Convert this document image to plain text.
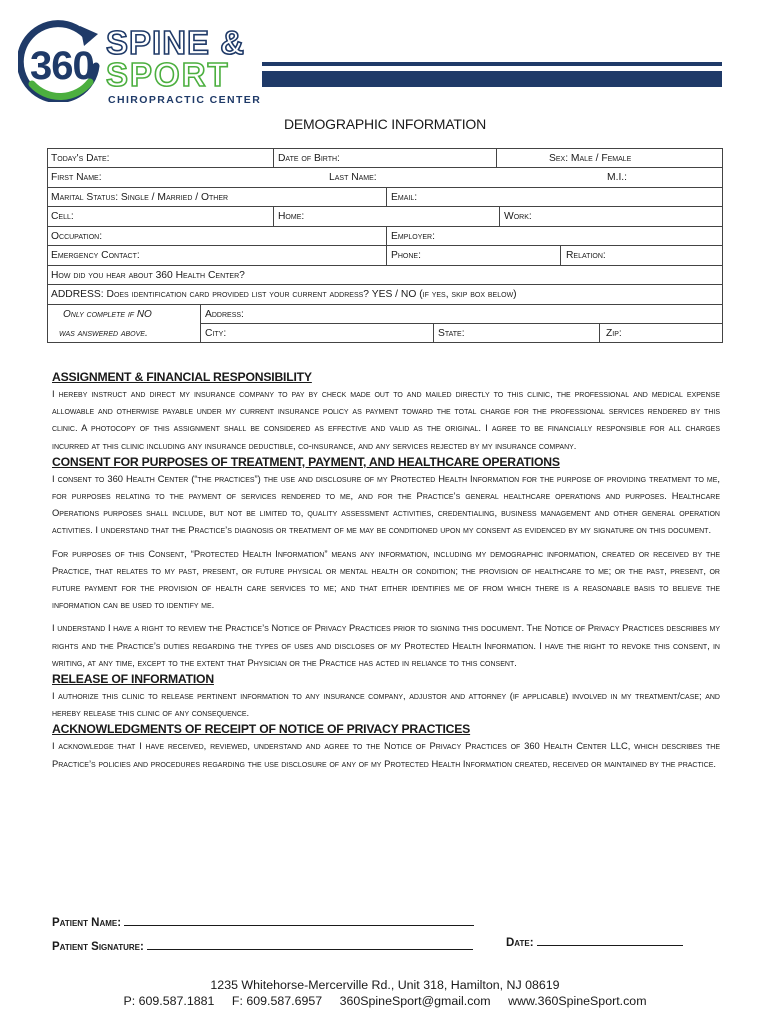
360
SPINE &
SPORT
CHIROPRACTIC CENTER
DEMOGRAPHIC INFORMATION
Today's Date:	Date of Birth:	Sex: Male / Female
First Name:	Last Name:	M.I.:
Marital Status: Single / Married / Other	Email:
Cell:	Home:	Work:
Occupation:	Employer:
Emergency Contact:	Phone:	Relation:
How did you hear about 360 Health Center?
ADDRESS: Does identification card provided list your current address? YES / NO (if yes, skip box below)
Only complete if NO
was answered above.
Address:
City:	State:	Zip:
ASSIGNMENT & FINANCIAL RESPONSIBILITY

I hereby instruct and direct my insurance company to pay by check made out to and mailed directly to this clinic, the professional and medical expense allowable and otherwise payable under my current insurance policy as payment toward the total charge for the professional services rendered by this clinic. A photocopy of this assignment shall be considered as effective and valid as the original. I agree to be financially responsible for all charges incurred at this clinic including any insurance deductible, co-insurance, and any services rejected by my insurance company.

CONSENT FOR PURPOSES OF TREATMENT, PAYMENT, AND HEALTHCARE OPERATIONS

I consent to 360 Health Center (“the practices”) the use and disclosure of my Protected Health Information for the purpose of providing treatment to me, for purposes relating to the payment of services rendered to me, and for the Practice’s general healthcare operations and purposes. Healthcare Operations purposes shall include, but not be limited to, quality assessment activities, credentialing, business management and other general operation activities. I understand that the Practice’s diagnosis or treatment of me may be conditioned upon my consent as evidenced by my signature on this document.

For purposes of this Consent, “Protected Health Information” means any information, including my demographic information, created or received by the Practice, that relates to my past, present, or future physical or mental health or condition; the provision of healthcare to me; or the past, present, or future payment for the provision of health care services to me; and that either identifies me of from which there is a reasonable basis to believe the information can be used to identify me.

I understand I have a right to review the Practice’s Notice of Privacy Practices prior to signing this document. The Notice of Privacy Practices describes my rights and the Practice’s duties regarding the types of uses and discloses of my Protected Health Information. I have the right to revoke this consent, in writing, at any time, except to the extent that Physician or the Practice has acted in reliance to this consent.

RELEASE OF INFORMATION

I authorize this clinic to release pertinent information to any insurance company, adjustor and attorney (if applicable) involved in my treatment/case; and hereby release this clinic of any consequence.

ACKNOWLEDGMENTS OF RECEIPT OF NOTICE OF PRIVACY PRACTICES

I acknowledge that I have received, reviewed, understand and agree to the Notice of Privacy Practices of 360 Health Center LLC, which describes the Practice’s policies and procedures regarding the use disclosure of any of my Protected Health Information created, received or maintained by the practice.

Patient Name:
Patient Signature:	Date:
1235 Whitehorse-Mercerville Rd., Unit 318, Hamilton, NJ 08619
P: 609.587.1881 F: 609.587.6957 360SpineSport@gmail.com www.360SpineSport.com
